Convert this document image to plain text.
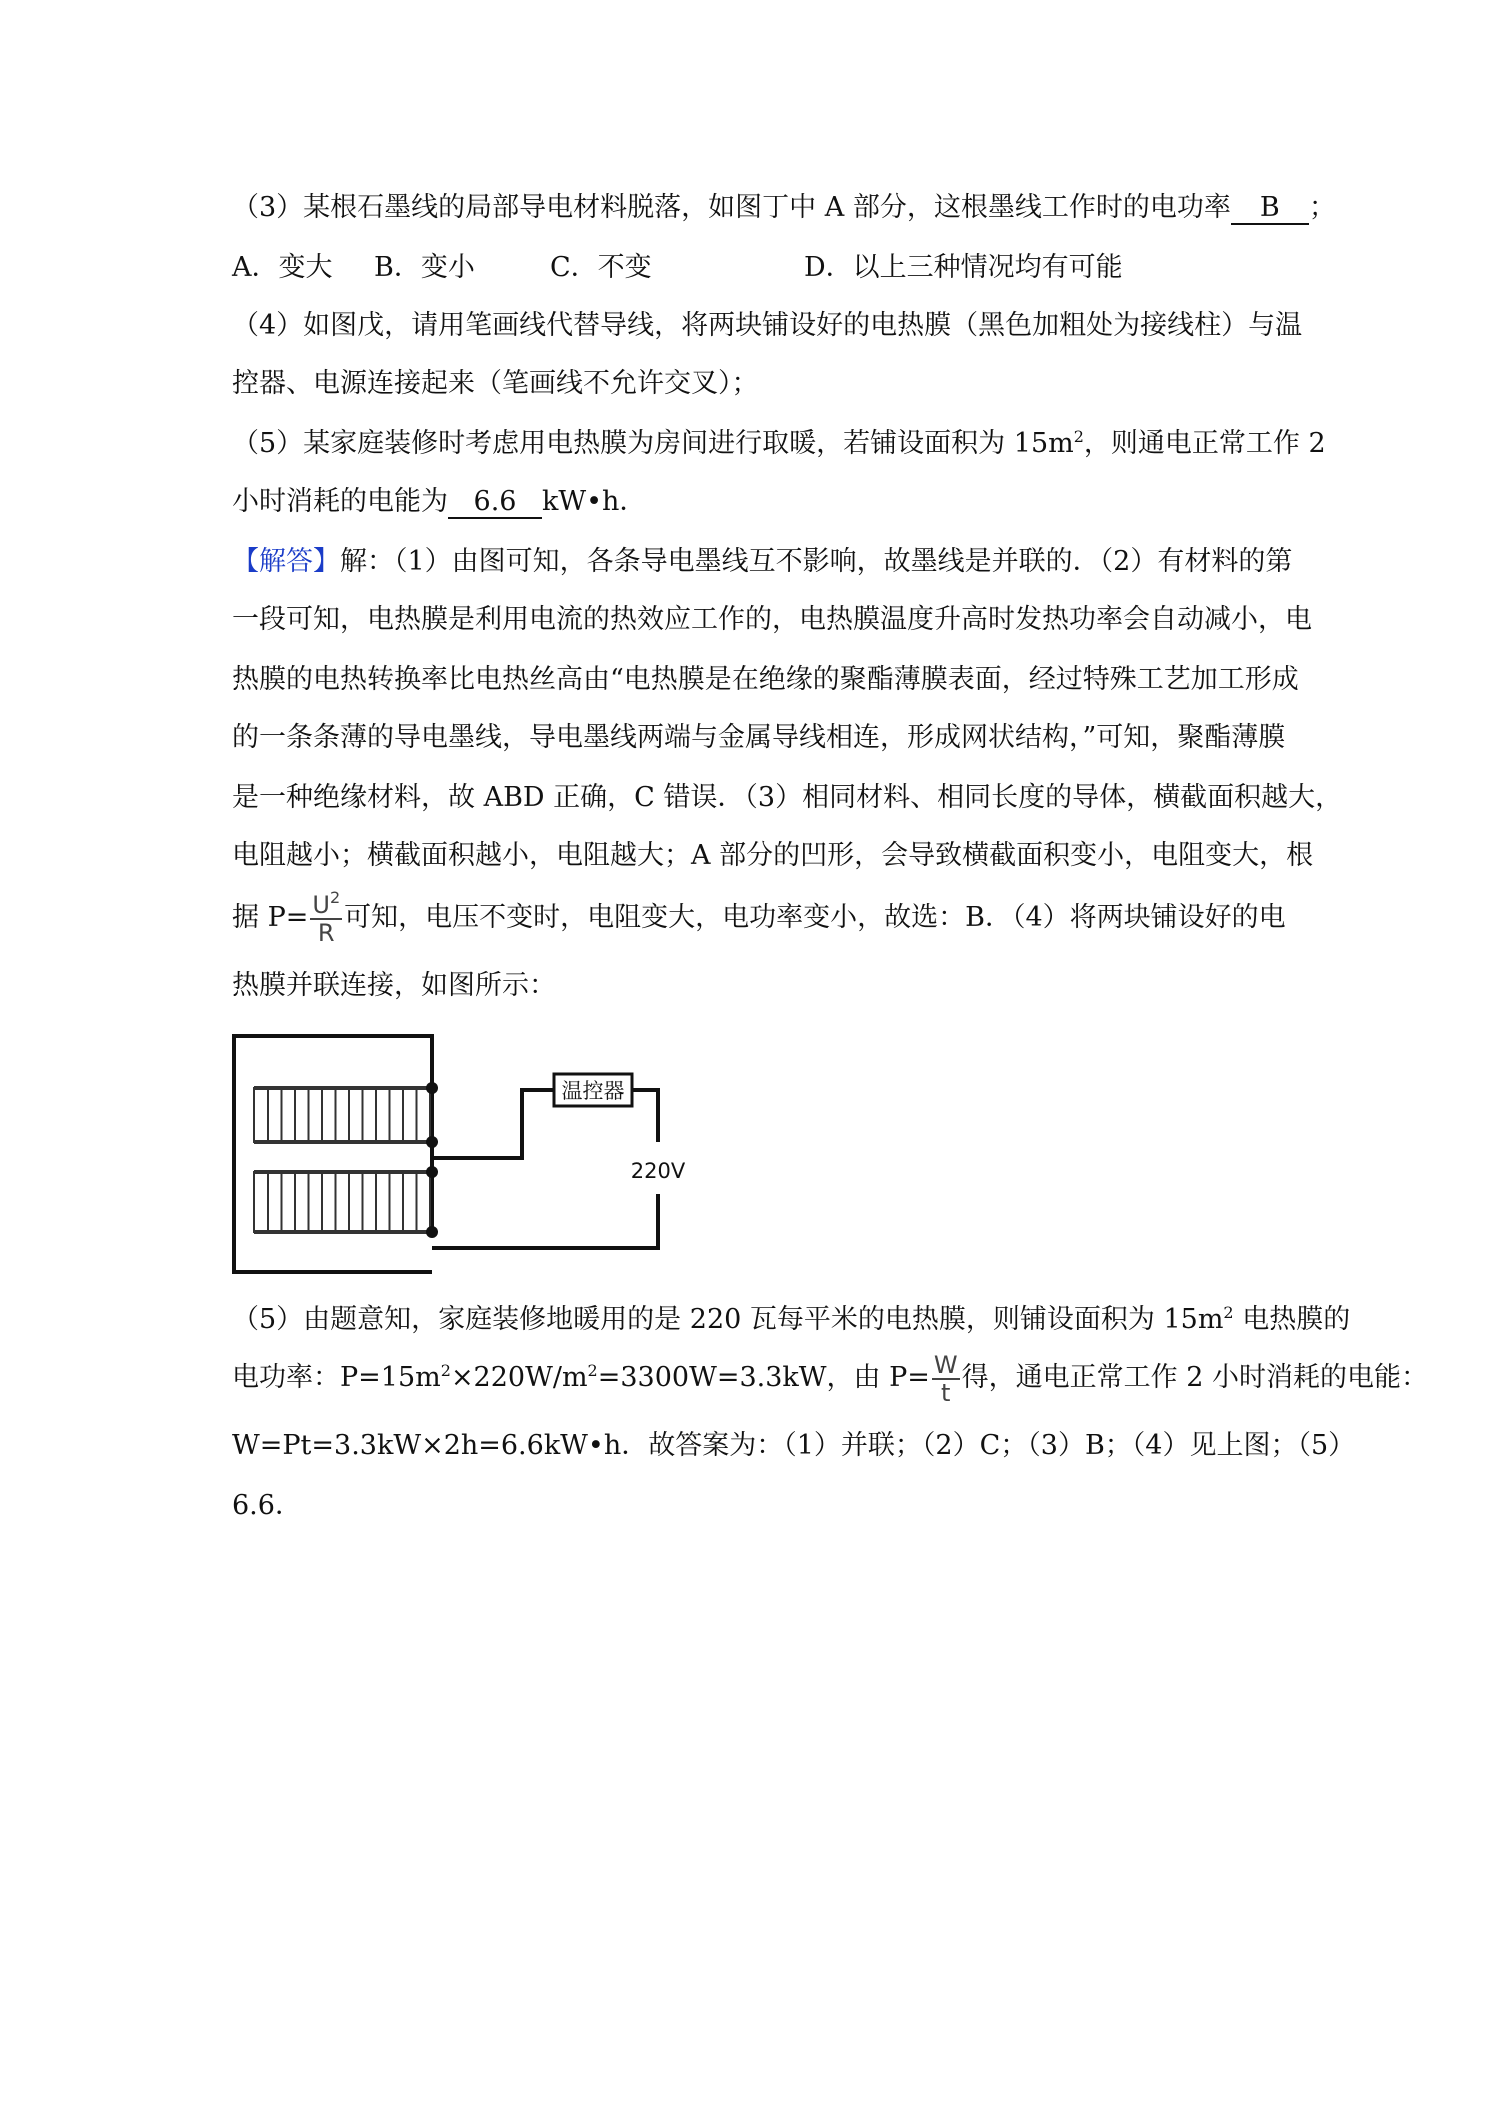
（3）某根石墨线的局部导电材料脱落，如图丁中 A 部分，这根墨线工作时的电功率 B ；
A．变大 B．变小	C．不变	D．以上三种情况均有可能
（4）如图戊，请用笔画线代替导线，将两块铺设好的电热膜（黑色加粗处为接线柱）与温
控器、电源连接起来（笔画线不允许交叉）；
（5）某家庭装修时考虑用电热膜为房间进行取暖，若铺设面积为 $15m^2$，则通电正常工作 2
小时消耗的电能为 6.6 kW•h．
【解答】解：（1）由图可知，各条导电墨线互不影响，故墨线是并联的．（2）有材料的第
一段可知，电热膜是利用电流的热效应工作的，电热膜温度升高时发热功率会自动减小，电
热膜的电热转换率比电热丝高由“电热膜是在绝缘的聚酯薄膜表面，经过特殊工艺加工形成
的一条条薄的导电墨线，导电墨线两端与金属导线相连，形成网状结构，”可知，聚酯薄膜
是一种绝缘材料，故 ABD 正确，C 错误．（3）相同材料、相同长度的导体，横截面积越大，
电阻越小；横截面积越小，电阻越大；A 部分的凹形，会导致横截面积变小，电阻变大，根
据 $P= \frac{U^2}{R}$ 可知，电压不变时，电阻变大，电功率变小，故选：B．（4）将两块铺设好的电
热膜并联连接，如图所示：
温控器
220V
（5）由题意知，家庭装修地暖用的是 220 瓦每平米的电热膜，则铺设面积为 $15m^2$ 电热膜的
电功率：$P=15m^2\times 220W/m^2=3300W=3.3kW$，由 $P= \frac{W}{t}$ 得，通电正常工作 2 小时消耗的电能：
W=Pt=3.3kW×2h=6.6kW•h．故答案为：（1）并联；（2）C；（3）B；（4）见上图；（5）
6.6．
